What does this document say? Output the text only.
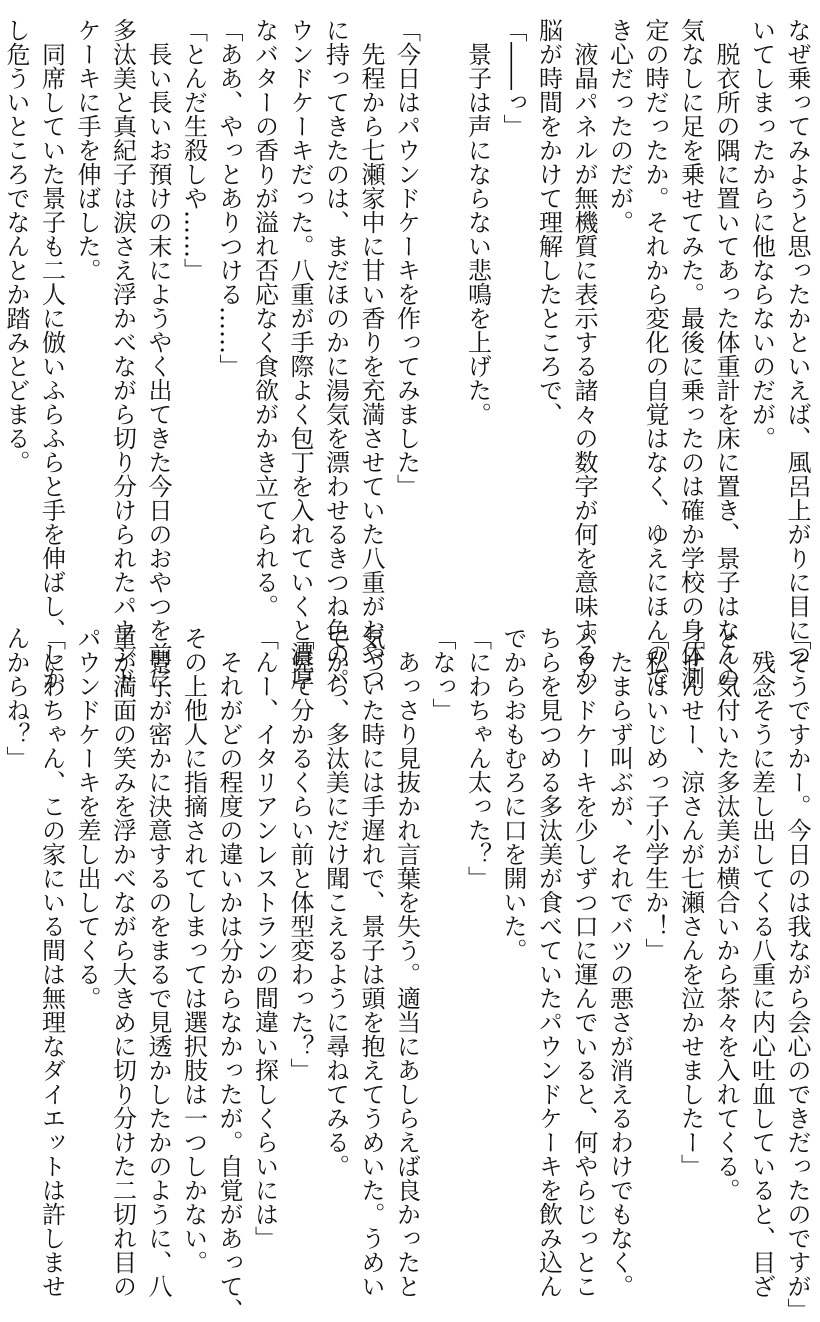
なぜ乗ってみようと思ったかといえば、風呂上がりに目につ
いてしまったからに他ならないのだが。
　脱衣所の隅に置いてあった体重計を床に置き、景子はなんの
気なしに足を乗せてみた。最後に乗ったのは確か学校の身体測
定の時だったか。それから変化の自覚はなく、ゆえにほんので
き心だったのだが。
　液晶パネルが無機質に表示する諸々の数字が何を意味するか
脳が時間をかけて理解したところで、
「――っ」
　景子は声にならない悲鳴を上げた。
「今日はパウンドケーキを作ってみました」
　先程から七瀬家中に甘い香りを充満させていた八重がおやつ
に持ってきたのは、まだほのかに湯気を漂わせるきつね色のパ
ウンドケーキだった。八重が手際よく包丁を入れていくと濃厚
なバターの香りが溢れ否応なく食欲がかき立てられる。
「ああ、やっとありつける……」
「とんだ生殺しや……」
　長い長いお預けの末にようやく出てきた今日のおやつを前に、
多汰美と真紀子は涙さえ浮かべながら切り分けられたパウンド
ケーキに手を伸ばした。
　同席していた景子も二人に倣いふらふらと手を伸ばし、しか
し危ういところでなんとか踏みとどまる。
「そうですかー。今日のは我ながら会心のできだったのですが」
　残念そうに差し出してくる八重に内心吐血していると、目ざ
とく気付いた多汰美が横合いから茶々を入れてくる。
「せんせー、涼さんが七瀬さんを泣かせましたー」
「私はいじめっ子小学生か！」
　たまらず叫ぶが、それでバツの悪さが消えるわけでもなく。
パウンドケーキを少しずつ口に運んでいると、何やらじっとこ
ちらを見つめる多汰美が食べていたパウンドケーキを飲み込ん
でからおもむろに口を開いた。
「にわちゃん太った？」
「なっ」
　あっさり見抜かれ言葉を失う。適当にあしらえば良かったと
気づいた時には手遅れで、景子は頭を抱えてうめいた。うめい
てから、多汰美にだけ聞こえるように尋ねてみる。
「見て分かるくらい前と体型変わった？」
「んー、イタリアンレストランの間違い探しくらいには」
　それがどの程度の違いかは分からなかったが。自覚があって、
その上他人に指摘されてしまっては選択肢は一つしかない。
　景子が密かに決意するのをまるで見透かしたかのように、八
重が満面の笑みを浮かべながら大きめに切り分けた二切れ目の
パウンドケーキを差し出してくる。
「にわちゃん、この家にいる間は無理なダイエットは許しませ
んからね？」
